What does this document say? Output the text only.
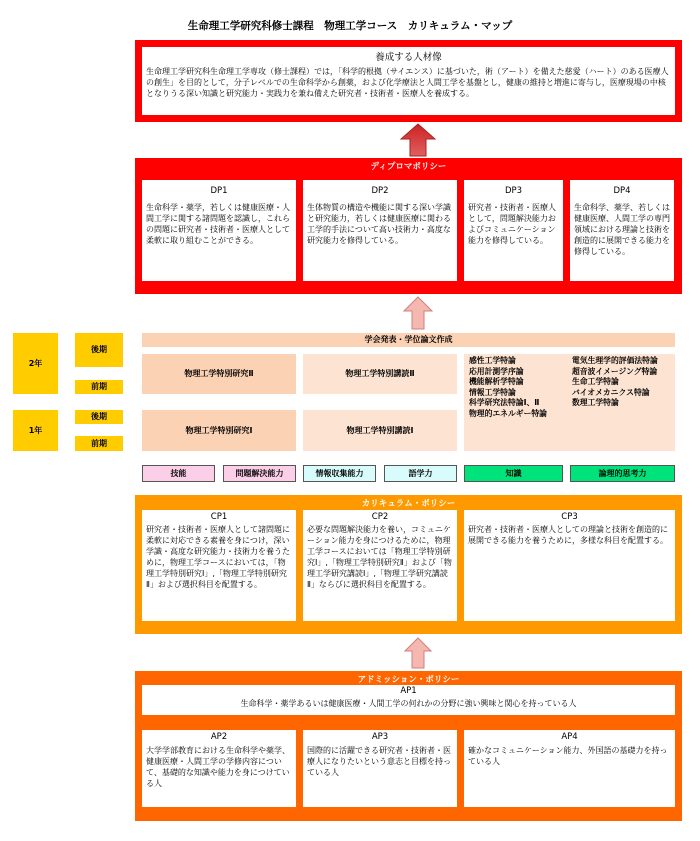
生命理工学研究科修士課程　物理工学コース　カリキュラム・マップ
養成する人材像
生命理工学研究科生命理工学専攻（修士課程）では，「科学的根拠（サイエンス）に基づいた，術（アート）を備えた慈愛（ハート）のある医療人の創生」を目的として，分子レベルでの生命科学から創薬，および化学療法と人間工学を基盤とし，健康の維持と増進に寄与し，医療現場の中核となりうる深い知識と研究能力・実践力を兼ね備えた研究者・技術者・医療人を養成する。
ディプロマポリシー
DP1
生命科学・薬学，若しくは健康医療・人間工学に関する諸問題を認識し，これらの問題に研究者・技術者・医療人として柔軟に取り組むことができる。
DP2
生体物質の構造や機能に関する深い学識と研究能力，若しくは健康医療に関わる工学的手法について高い技術力・高度な研究能力を修得している。
DP3
研究者・技術者・医療人として，問題解決能力およびコミュニケーション能力を修得している。
DP4
生命科学、薬学、若しくは健康医療、人間工学の専門領域における理論と技術を創造的に展開できる能力を修得している。
2年
後期
前期
1年
後期
前期
学会発表・学位論文作成
物理工学特別研究Ⅱ	物理工学特別講読Ⅱ
物理工学特別研究Ⅰ	物理工学特別講読Ⅰ
感性工学特論
応用計測学序論
機能解析学特論
情報工学特論
科学研究法特論Ⅰ、Ⅱ
物理的エネルギー特論
電気生理学的評価法特論
超音波イメージング特論
生命工学特論
バイオメカニクス特論
数理工学特論
技能	問題解決能力	情報収集能力	語学力	知識	論理的思考力
カリキュラム・ポリシー
CP1
研究者・技術者・医療人として諸問題に柔軟に対応できる素養を身につけ，深い学識・高度な研究能力・技術力を養うために，物理工学コースにおいては，「物理工学特別研究Ⅰ」,「物理工学特別研究Ⅱ」および選択科目を配置する。
CP2
必要な問題解決能力を養い，コミュニケーション能力を身につけるために，物理工学コースにおいては「物理工学特別研究Ⅰ」,「物理工学特別研究Ⅱ」および「物理工学研究講読Ⅰ」,「物理工学研究講読Ⅱ」ならびに選択科目を配置する。
CP3
研究者・技術者・医療人としての理論と技術を創造的に展開できる能力を養うために，多様な科目を配置する。
アドミッション・ポリシー
AP1
生命科学・薬学あるいは健康医療・人間工学の何れかの分野に強い興味と関心を持っている人
AP2
大学学部教育における生命科学や薬学、健康医療・人間工学の学修内容について、基礎的な知識や能力を身につけている人
AP3
国際的に活躍できる研究者・技術者・医療人になりたいという意志と目標を持っている人
AP4
確かなコミュニケーション能力、外国語の基礎力を持っている人
